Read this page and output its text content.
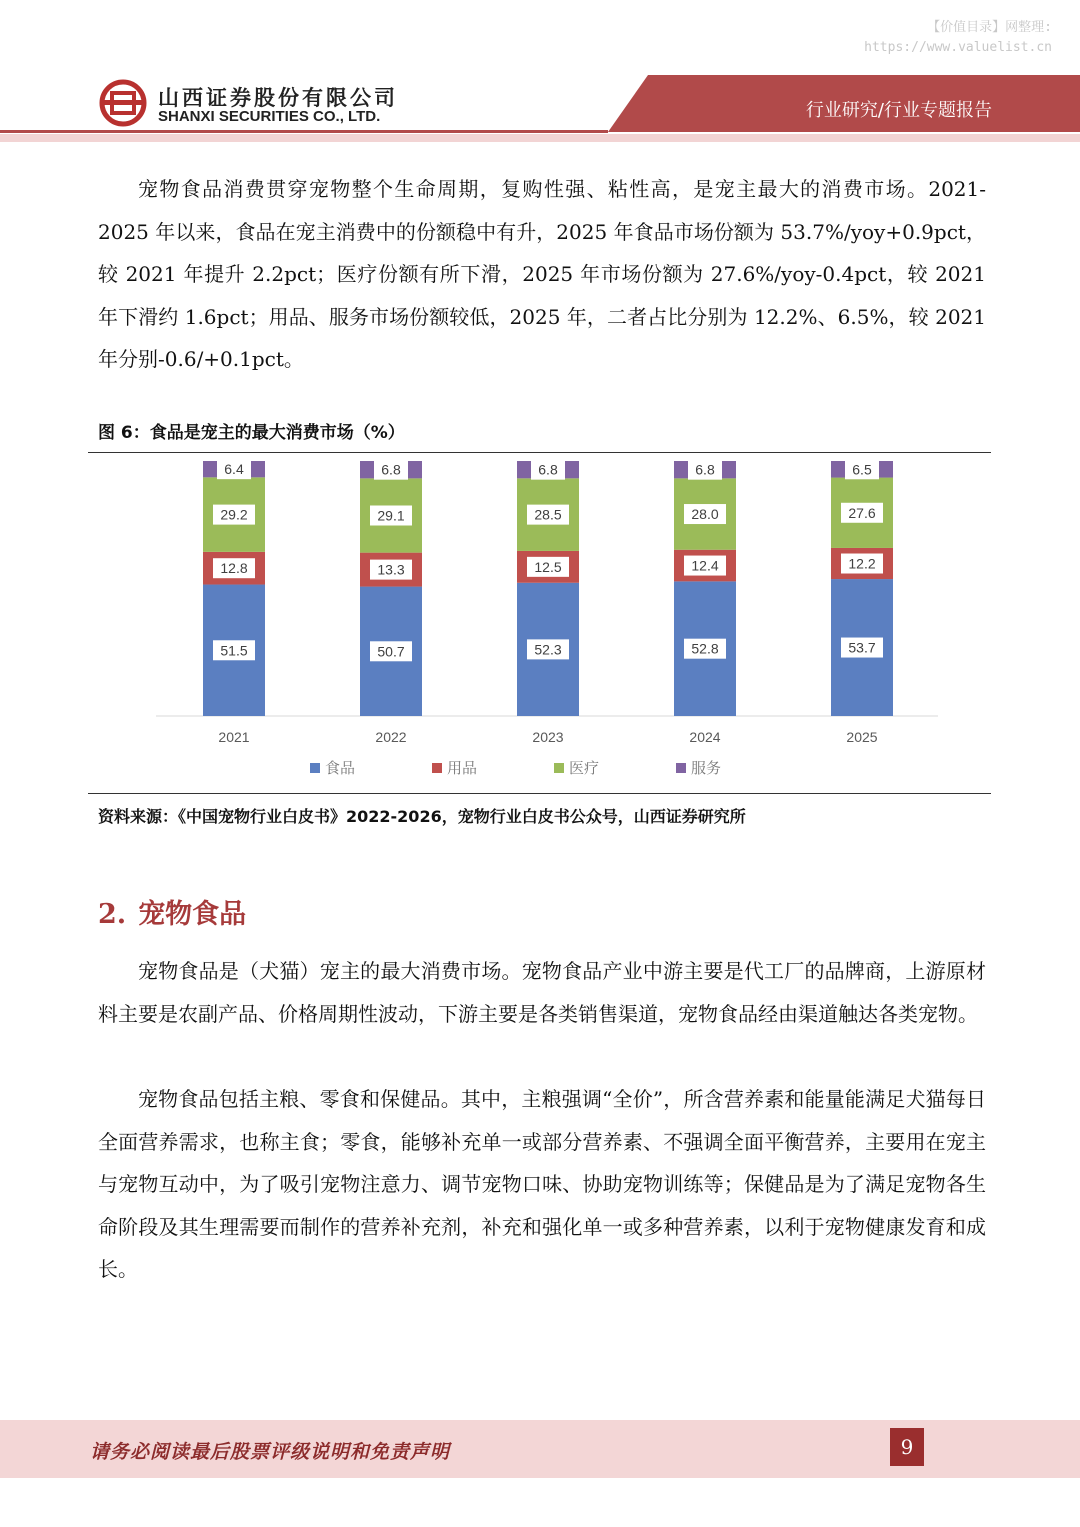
【价值目录】网整理:
https://www.valuelist.cn
山西证券股份有限公司
SHANXI SECURITIES CO., LTD.	行业研究/行业专题报告

宠物食品消费贯穿宠物整个生命周期，复购性强、粘性高，是宠主最大的消费市场。2021-2025 年以来，食品在宠主消费中的份额稳中有升，2025 年食品市场份额为 53.7%/yoy+0.9pct，较 2021 年提升 2.2pct；医疗份额有所下滑，2025 年市场份额为 27.6%/yoy-0.4pct，较 2021 年下滑约 1.6pct；用品、服务市场份额较低，2025 年，二者占比分别为 12.2%、6.5%，较 2021 年分别-0.6/+0.1pct。

图 6：食品是宠主的最大消费市场（%）
51.5
12.8
29.2
6.4
2021
50.7
13.3
29.1
6.8
2022
52.3
12.5
28.5
6.8
2023
52.8
12.4
28.0
6.8
2024
53.7
12.2
27.6
6.5
2025
食品	用品	医疗	服务
资料来源：《中国宠物行业白皮书》2022-2026，宠物行业白皮书公众号，山西证券研究所
2. 宠物食品

宠物食品是（犬猫）宠主的最大消费市场。宠物食品产业中游主要是代工厂的品牌商，上游原材料主要是农副产品、价格周期性波动，下游主要是各类销售渠道，宠物食品经由渠道触达各类宠物。

宠物食品包括主粮、零食和保健品。其中，主粮强调“全价”，所含营养素和能量能满足犬猫每日全面营养需求，也称主食；零食，能够补充单一或部分营养素、不强调全面平衡营养，主要用在宠主与宠物互动中，为了吸引宠物注意力、调节宠物口味、协助宠物训练等；保健品是为了满足宠物各生命阶段及其生理需要而制作的营养补充剂，补充和强化单一或多种营养素，以利于宠物健康发育和成长。

请务必阅读最后股票评级说明和免责声明	9
